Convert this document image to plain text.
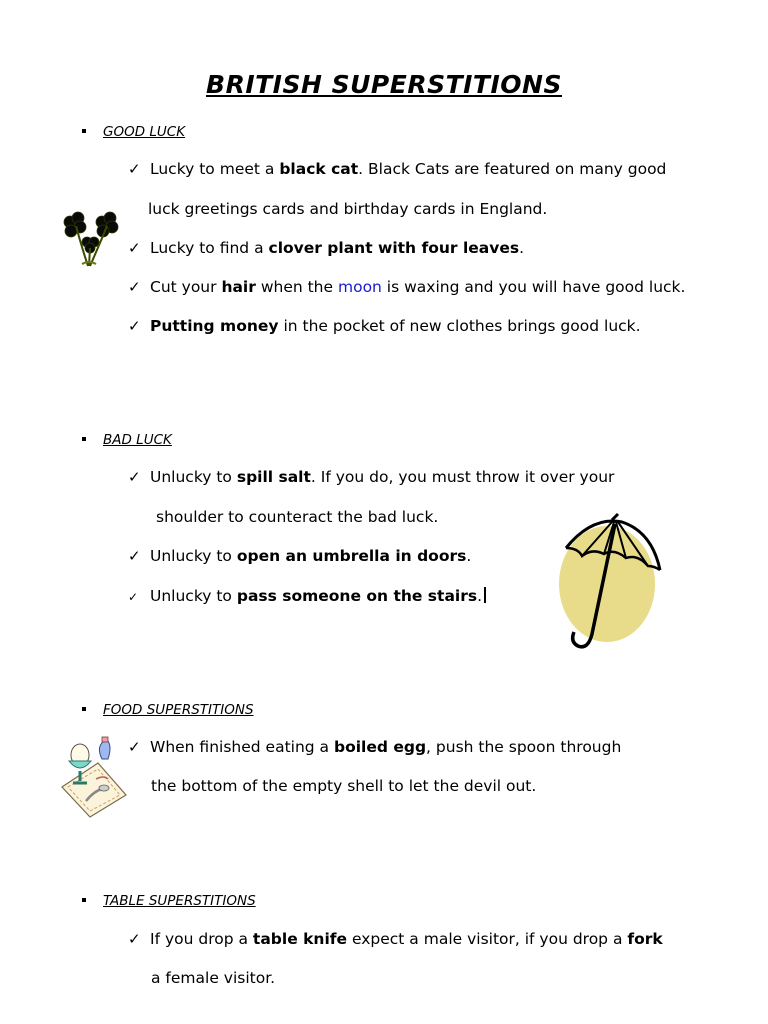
BRITISH SUPERSTITIONS
GOOD LUCK
✓ Lucky to meet a black cat. Black Cats are featured on many good
luck greetings cards and birthday cards in England.
✓ Lucky to find a clover plant with four leaves.
✓ Cut your hair when the moon is waxing and you will have good luck.
✓ Putting money in the pocket of new clothes brings good luck.
BAD LUCK
✓ Unlucky to spill salt. If you do, you must throw it over your
shoulder to counteract the bad luck.
✓ Unlucky to open an umbrella in doors.
✓ Unlucky to pass someone on the stairs.
FOOD SUPERSTITIONS
✓ When finished eating a boiled egg, push the spoon through
the bottom of the empty shell to let the devil out.
TABLE SUPERSTITIONS
✓ If you drop a table knife expect a male visitor, if you drop a fork
a female visitor.
